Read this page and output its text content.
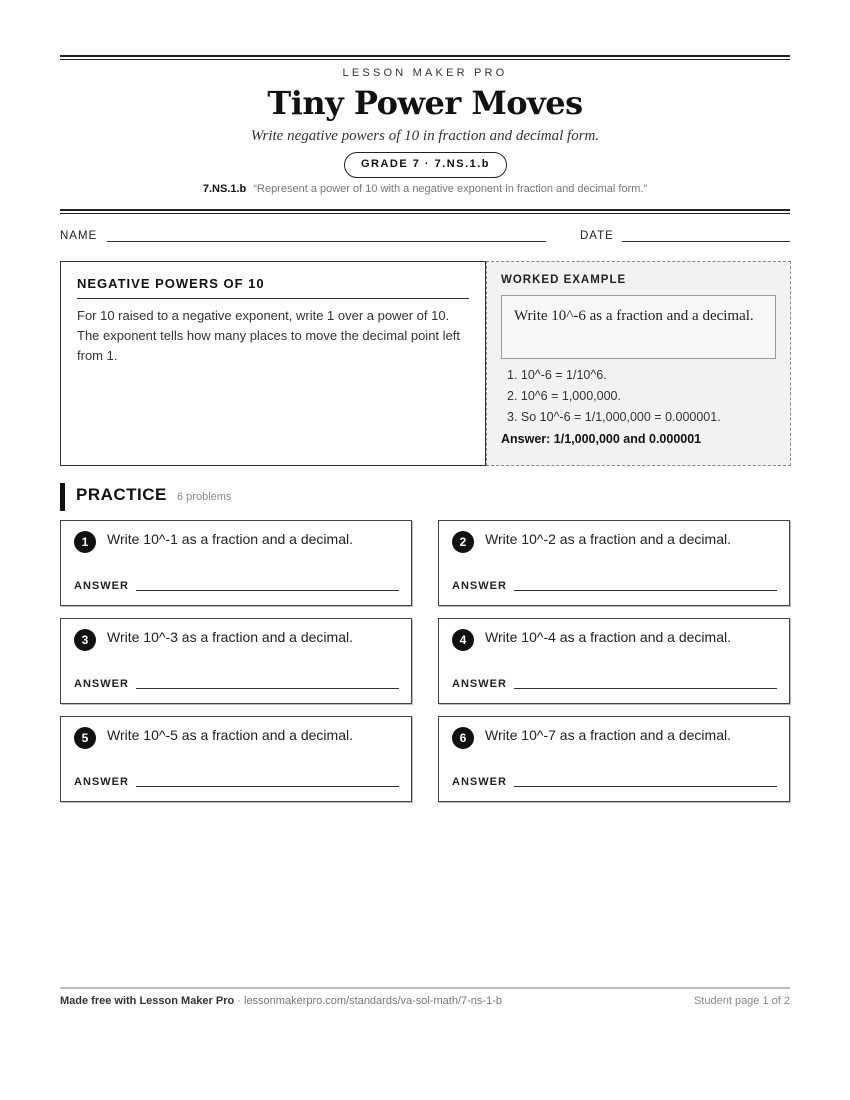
LESSON MAKER PRO
Tiny Power Moves
Write negative powers of 10 in fraction and decimal form.
GRADE 7 · 7.NS.1.b
7.NS.1.b “Represent a power of 10 with a negative exponent in fraction and decimal form.”
NAME	DATE
NEGATIVE POWERS OF 10
For 10 raised to a negative exponent, write 1 over a power of 10. The exponent tells how many places to move the decimal point left from 1.
WORKED EXAMPLE
Write 10^-6 as a fraction and a decimal.
1. 10^-6 = 1/10^6.
2. 10^6 = 1,000,000.
3. So 10^-6 = 1/1,000,000 = 0.000001.
Answer: 1/1,000,000 and 0.000001
PRACTICE 6 problems
1	Write 10^-1 as a fraction and a decimal.
ANSWER
2	Write 10^-2 as a fraction and a decimal.
ANSWER
3	Write 10^-3 as a fraction and a decimal.
ANSWER
4	Write 10^-4 as a fraction and a decimal.
ANSWER
5	Write 10^-5 as a fraction and a decimal.
ANSWER
6	Write 10^-7 as a fraction and a decimal.
ANSWER
Made free with Lesson Maker Pro · lessonmakerpro.com/standards/va-sol-math/7-ns-1-b	Student page 1 of 2
